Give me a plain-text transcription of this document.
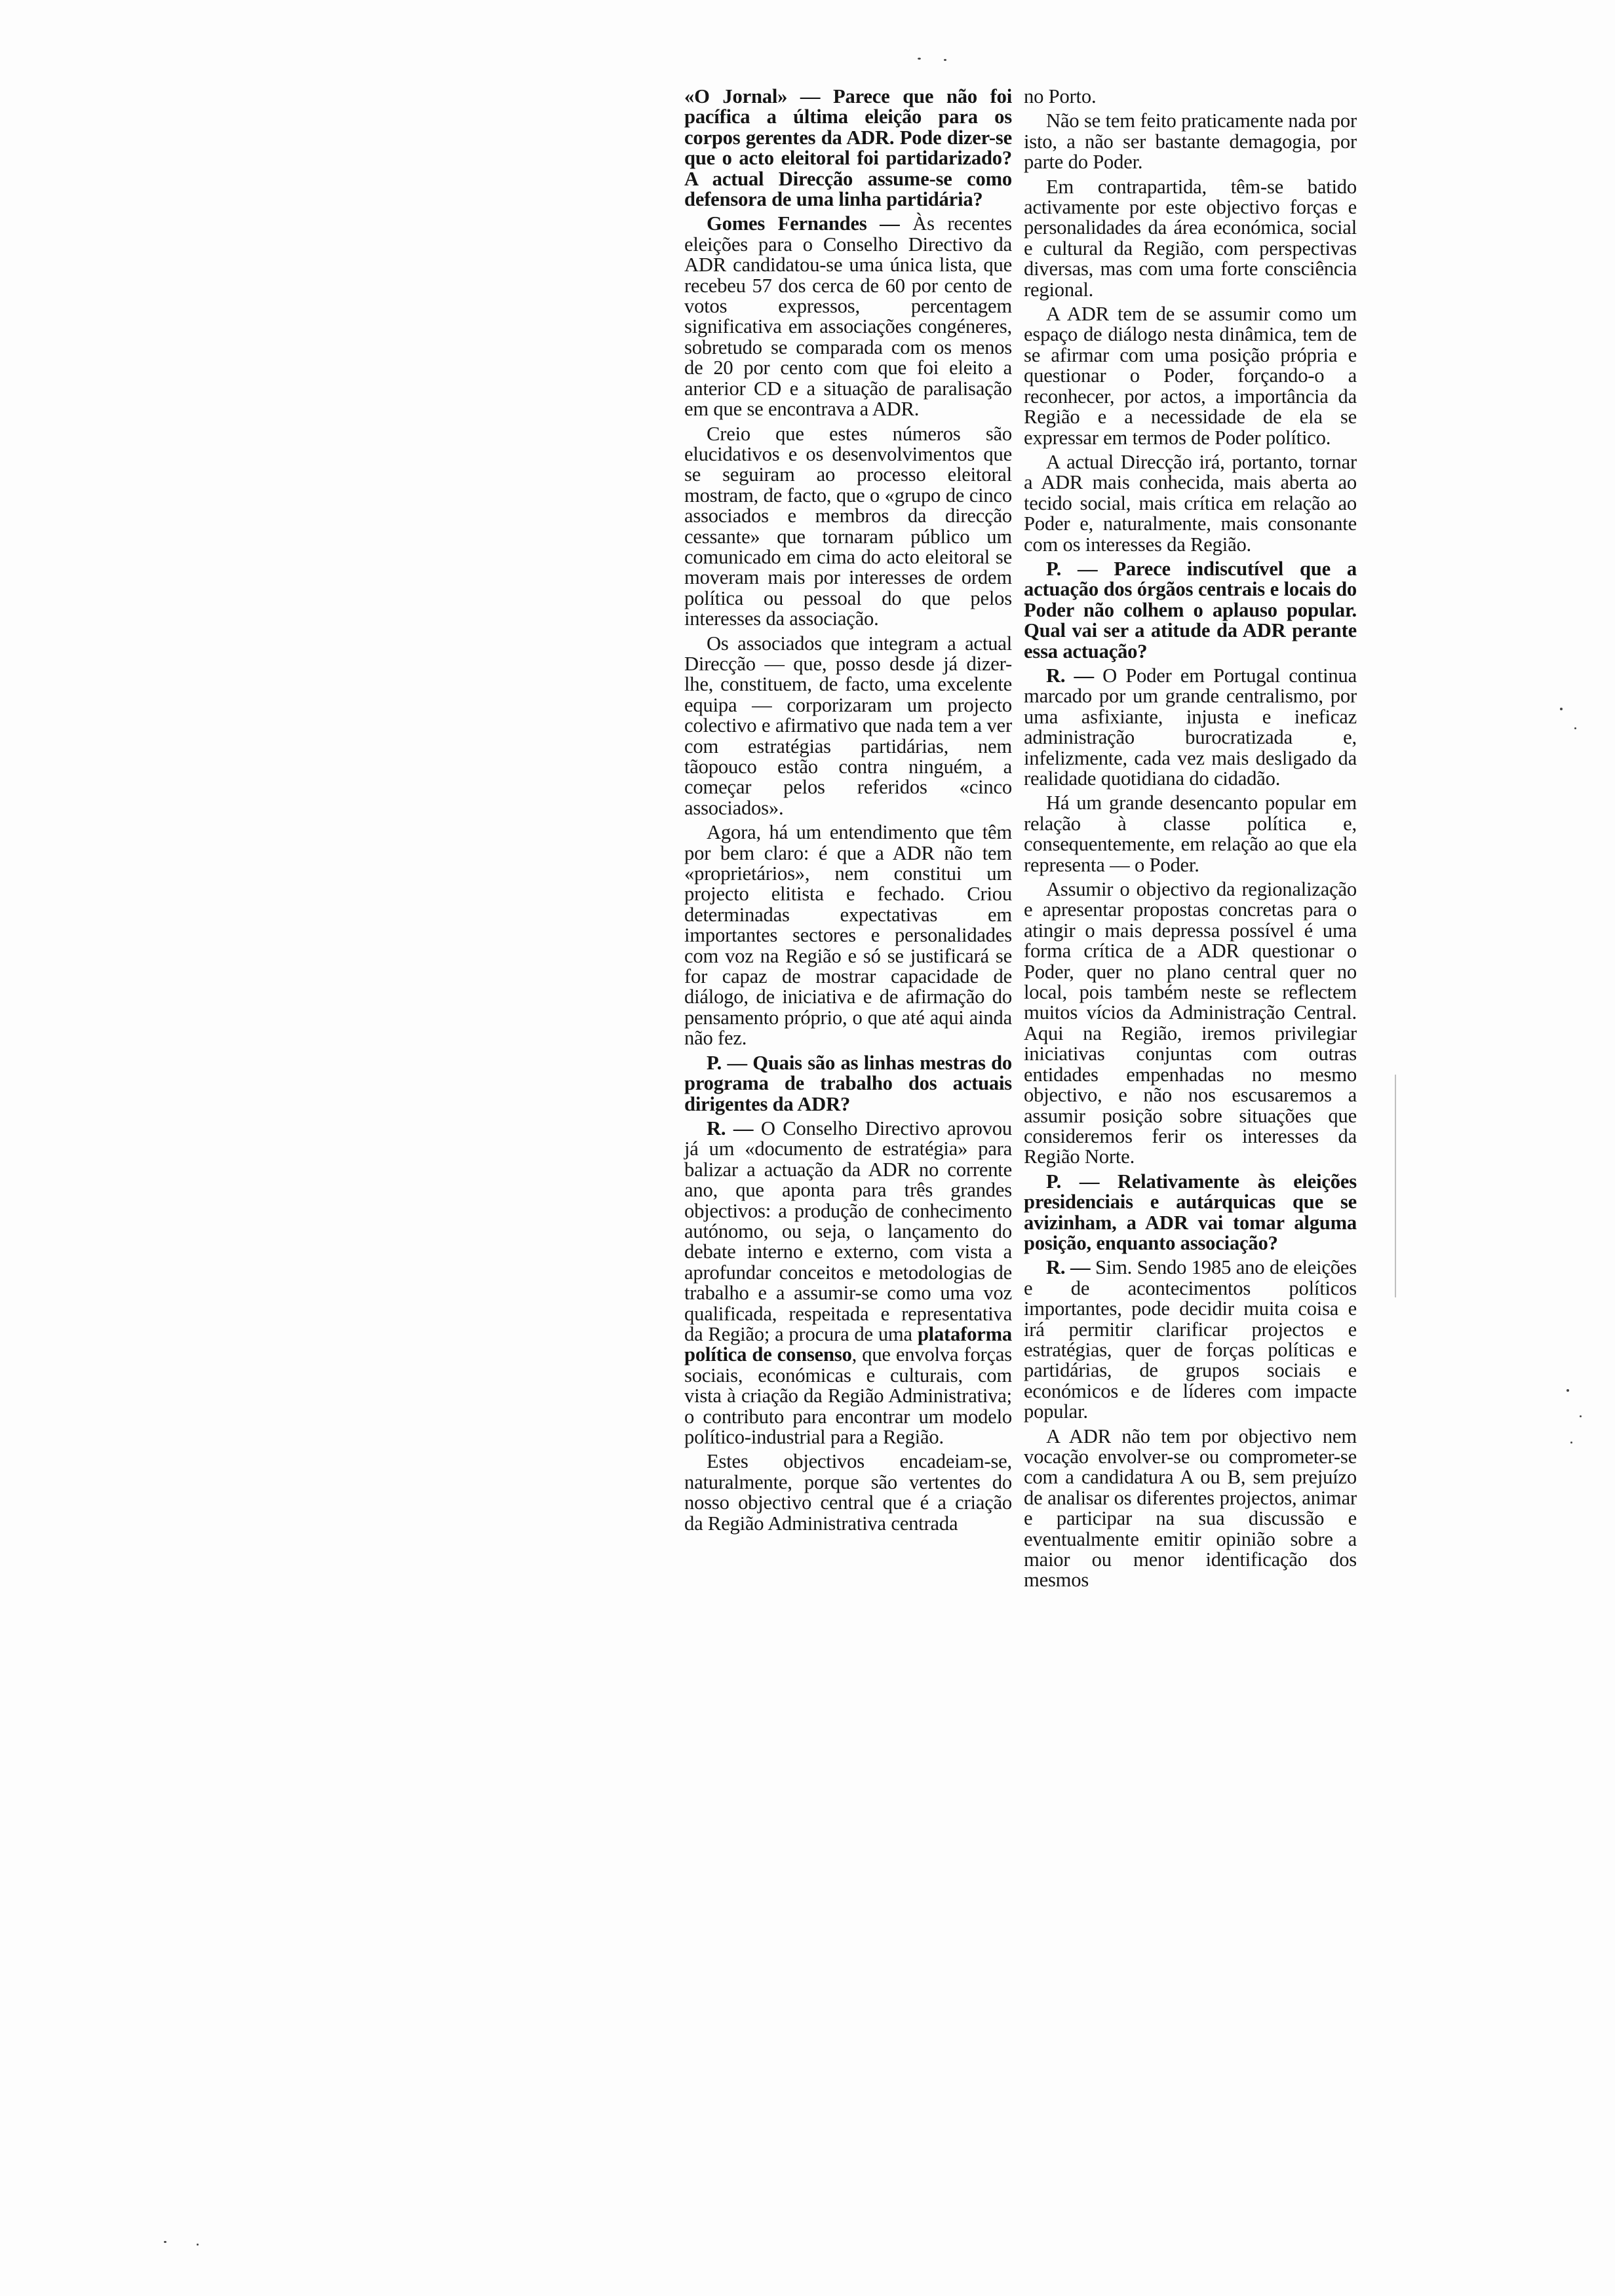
«O Jornal» — Parece que não foi pacífica a última eleição para os corpos gerentes da ADR. Pode dizer-se que o acto eleitoral foi partidarizado? A actual Direcção assume-se como defensora de uma linha partidária?

Gomes Fernandes — Às recentes eleições para o Conselho Directivo da ADR candidatou-se uma única lista, que recebeu 57 dos cerca de 60 por cento de votos expressos, percentagem significativa em associações congéneres, sobretudo se comparada com os menos de 20 por cento com que foi eleito a anterior CD e a situação de paralisação em que se encontrava a ADR.

Creio que estes números são elucidativos e os desenvolvimentos que se seguiram ao processo eleitoral mostram, de facto, que o «grupo de cinco associados e membros da direcção cessante» que tornaram público um comunicado em cima do acto eleitoral se moveram mais por interesses de ordem política ou pessoal do que pelos interesses da associação.

Os associados que integram a actual Direcção — que, posso desde já dizer-lhe, constituem, de facto, uma excelente equipa — corporizaram um projecto colectivo e afirmativo que nada tem a ver com estratégias partidárias, nem tãopouco estão contra ninguém, a começar pelos referidos «cinco associados».

Agora, há um entendimento que têm por bem claro: é que a ADR não tem «proprietários», nem constitui um projecto elitista e fechado. Criou determinadas expectativas em importantes sectores e personalidades com voz na Região e só se justificará se for capaz de mostrar capacidade de diálogo, de iniciativa e de afirmação do pensamento próprio, o que até aqui ainda não fez.

P. — Quais são as linhas mestras do programa de trabalho dos actuais dirigentes da ADR?

R. — O Conselho Directivo aprovou já um «documento de estratégia» para balizar a actuação da ADR no corrente ano, que aponta para três grandes objectivos: a produção de conhecimento autónomo, ou seja, o lançamento do debate interno e externo, com vista a aprofundar conceitos e metodologias de trabalho e a assumir-se como uma voz qualificada, respeitada e representativa da Região; a procura de uma plataforma política de consenso, que envolva forças sociais, económicas e culturais, com vista à criação da Região Administrativa; o contributo para encontrar um modelo político-industrial para a Região.

Estes objectivos encadeiam-se, naturalmente, porque são vertentes do nosso objectivo central que é a criação da Região Administrativa centrada

no Porto.

Não se tem feito praticamente nada por isto, a não ser bastante demagogia, por parte do Poder.

Em contrapartida, têm-se batido activamente por este objectivo forças e personalidades da área económica, social e cultural da Região, com perspectivas diversas, mas com uma forte consciência regional.

A ADR tem de se assumir como um espaço de diálogo nesta dinâmica, tem de se afirmar com uma posição própria e questionar o Poder, forçando-o a reconhecer, por actos, a importância da Região e a necessidade de ela se expressar em termos de Poder político.

A actual Direcção irá, portanto, tornar a ADR mais conhecida, mais aberta ao tecido social, mais crítica em relação ao Poder e, naturalmente, mais consonante com os interesses da Região.

P. — Parece indiscutível que a actuação dos órgãos centrais e locais do Poder não colhem o aplauso popular. Qual vai ser a atitude da ADR perante essa actuação?

R. — O Poder em Portugal continua marcado por um grande centralismo, por uma asfixiante, injusta e ineficaz administração burocratizada e, infelizmente, cada vez mais desligado da realidade quotidiana do cidadão.

Há um grande desencanto popular em relação à classe política e, consequentemente, em relação ao que ela representa — o Poder.

Assumir o objectivo da regionalização e apresentar propostas concretas para o atingir o mais depressa possível é uma forma crítica de a ADR questionar o Poder, quer no plano central quer no local, pois também neste se reflectem muitos vícios da Administração Central. Aqui na Região, iremos privilegiar iniciativas conjuntas com outras entidades empenhadas no mesmo objectivo, e não nos escusaremos a assumir posição sobre situações que consideremos ferir os interesses da Região Norte.

P. — Relativamente às eleições presidenciais e autárquicas que se avizinham, a ADR vai tomar alguma posição, enquanto associação?

R. — Sim. Sendo 1985 ano de eleições e de acontecimentos políticos importantes, pode decidir muita coisa e irá permitir clarificar projectos e estratégias, quer de forças políticas e partidárias, de grupos sociais e económicos e de líderes com impacte popular.

A ADR não tem por objectivo nem vocação envolver-se ou comprometer-se com a candidatura A ou B, sem prejuízo de analisar os diferentes projectos, animar e participar na sua discussão e eventualmente emitir opinião sobre a maior ou menor identificação dos mesmos
